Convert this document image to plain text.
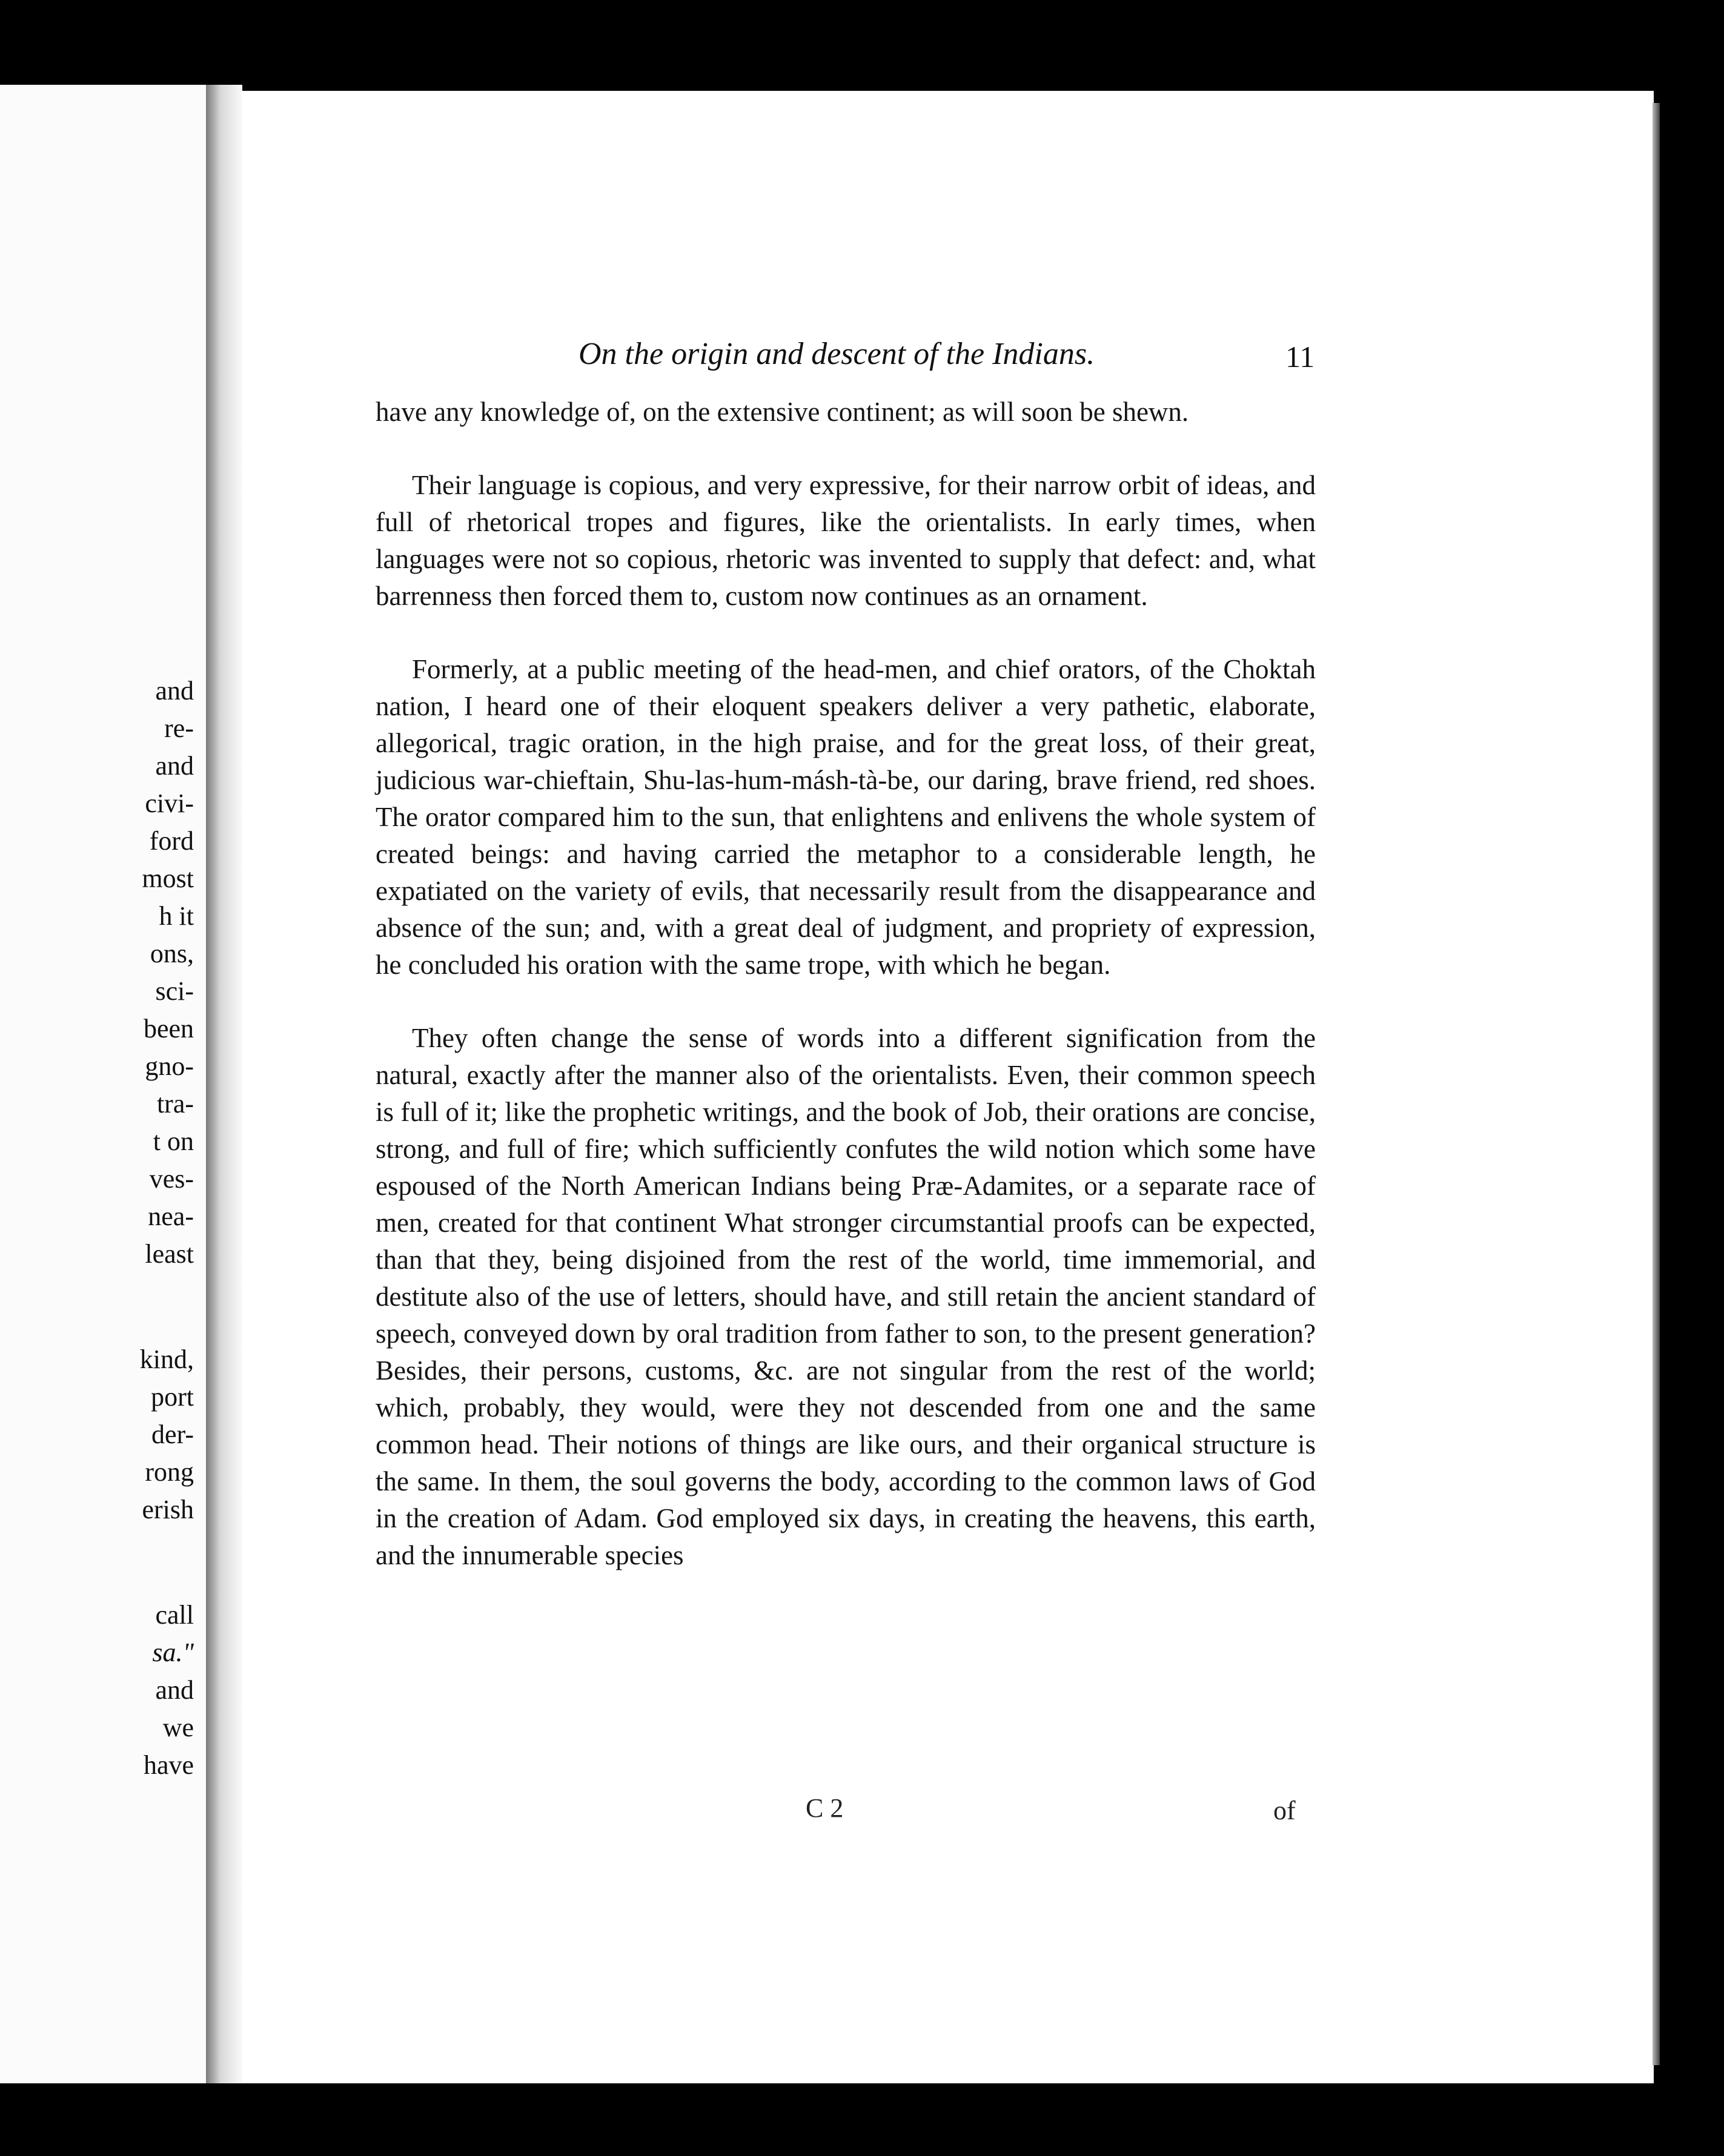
and
re-
and
civi-
ford
most
h it
ons,
sci-
been
gno-
tra-
t on
ves-
nea-
least
kind,
port
der-
rong
erish
call
sa."
and
we
have
On the origin and descent of the Indians.	11

have any knowledge of, on the extensive continent; as will soon be shewn.

Their language is copious, and very expressive, for their narrow orbit of ideas, and full of rhetorical tropes and figures, like the orientalists. In early times, when languages were not so copious, rhetoric was invented to supply that defect: and, what barrenness then forced them to, custom now continues as an ornament.

Formerly, at a public meeting of the head-men, and chief orators, of the Choktah nation, I heard one of their eloquent speakers deliver a very pathetic, elaborate, allegorical, tragic oration, in the high praise, and for the great loss, of their great, judicious war-chieftain, Shu-las-hum-másh-tà-be, our daring, brave friend, red shoes. The orator compared him to the sun, that enlightens and enlivens the whole system of created beings: and having carried the metaphor to a considerable length, he expatiated on the variety of evils, that necessarily result from the disappearance and absence of the sun; and, with a great deal of judgment, and propriety of expression, he concluded his oration with the same trope, with which he began.

They often change the sense of words into a different signification from the natural, exactly after the manner also of the orientalists. Even, their common speech is full of it; like the prophetic writings, and the book of Job, their orations are concise, strong, and full of fire; which sufficiently confutes the wild notion which some have espoused of the North American Indians being Præ-Adamites, or a separate race of men, created for that continent What stronger circumstantial proofs can be expected, than that they, being disjoined from the rest of the world, time immemorial, and destitute also of the use of letters, should have, and still retain the ancient standard of speech, conveyed down by oral tradition from father to son, to the present generation? Besides, their persons, customs, &c. are not singular from the rest of the world; which, probably, they would, were they not descended from one and the same common head. Their notions of things are like ours, and their organical structure is the same. In them, the soul governs the body, according to the common laws of God in the creation of Adam. God employed six days, in creating the heavens, this earth, and the innumerable species

C 2	of
